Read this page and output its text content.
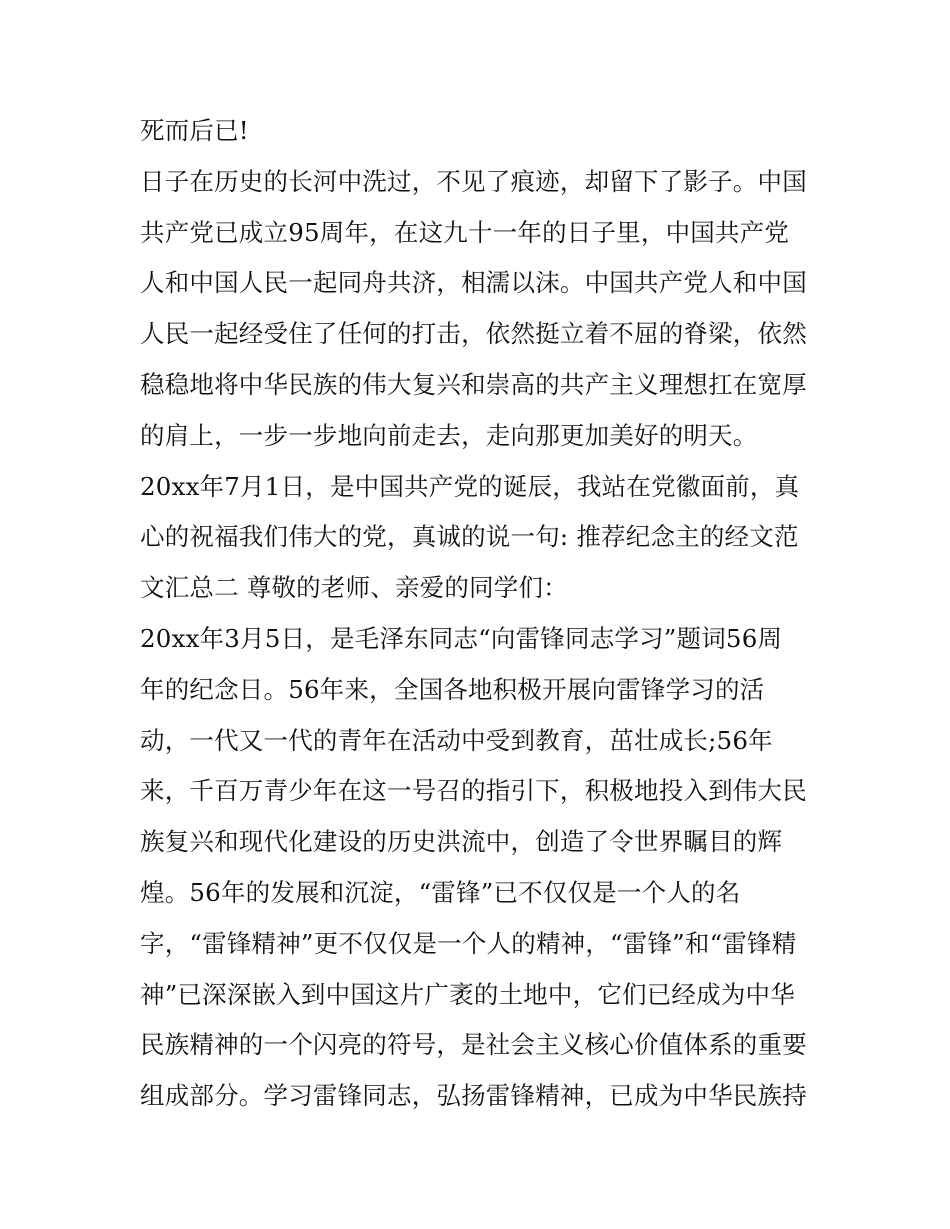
死而后已!
日子在历史的长河中洗过，不见了痕迹，却留下了影子。中国
共产党已成立95周年，在这九十一年的日子里，中国共产党
人和中国人民一起同舟共济，相濡以沫。中国共产党人和中国
人民一起经受住了任何的打击，依然挺立着不屈的脊梁，依然
稳稳地将中华民族的伟大复兴和崇高的共产主义理想扛在宽厚
的肩上，一步一步地向前走去，走向那更加美好的明天。
20xx年7月1日，是中国共产党的诞辰，我站在党徽面前，真
心的祝福我们伟大的党，真诚的说一句: 推荐纪念主的经文范
文汇总二 尊敬的老师、亲爱的同学们：
20xx年3月5日，是毛泽东同志“向雷锋同志学习”题词56周
年的纪念日。56年来，全国各地积极开展向雷锋学习的活
动，一代又一代的青年在活动中受到教育，茁壮成长;56年
来，千百万青少年在这一号召的指引下，积极地投入到伟大民
族复兴和现代化建设的历史洪流中，创造了令世界瞩目的辉
煌。56年的发展和沉淀，“雷锋”已不仅仅是一个人的名
字，“雷锋精神”更不仅仅是一个人的精神，“雷锋”和“雷锋精
神”已深深嵌入到中国这片广袤的土地中，它们已经成为中华
民族精神的一个闪亮的符号，是社会主义核心价值体系的重要
组成部分。学习雷锋同志，弘扬雷锋精神，已成为中华民族持
